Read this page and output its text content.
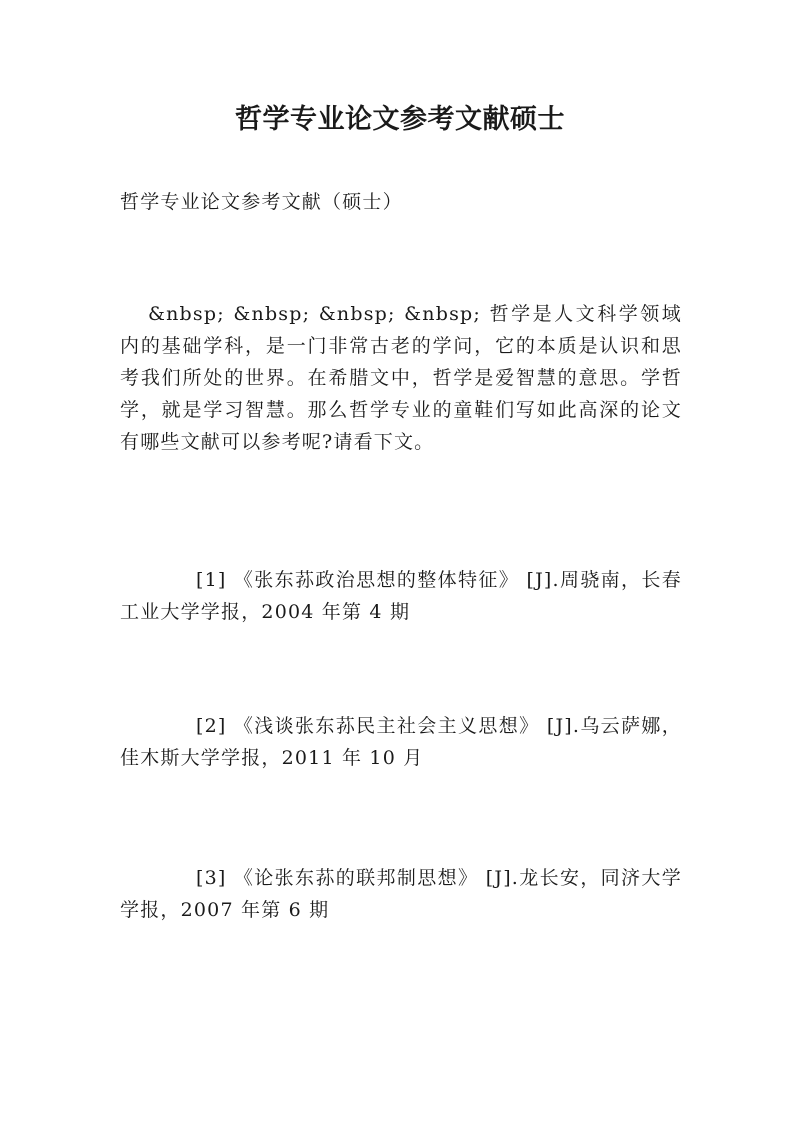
哲学专业论文参考文献硕士

哲学专业论文参考文献（硕士）

&nbsp; &nbsp; &nbsp; &nbsp; 哲学是人文科学领域内的基础学科，是一门非常古老的学问，它的本质是认识和思考我们所处的世界。在希腊文中，哲学是爱智慧的意思。学哲学，就是学习智慧。那么哲学专业的童鞋们写如此高深的论文有哪些文献可以参考呢?请看下文。

[1] 《张东荪政治思想的整体特征》 [J].周骁南，长春工业大学学报，2004 年第 4 期

[2] 《浅谈张东荪民主社会主义思想》 [J].乌云萨娜，佳木斯大学学报，2011 年 10 月

[3] 《论张东荪的联邦制思想》 [J].龙长安，同济大学学报，2007 年第 6 期
